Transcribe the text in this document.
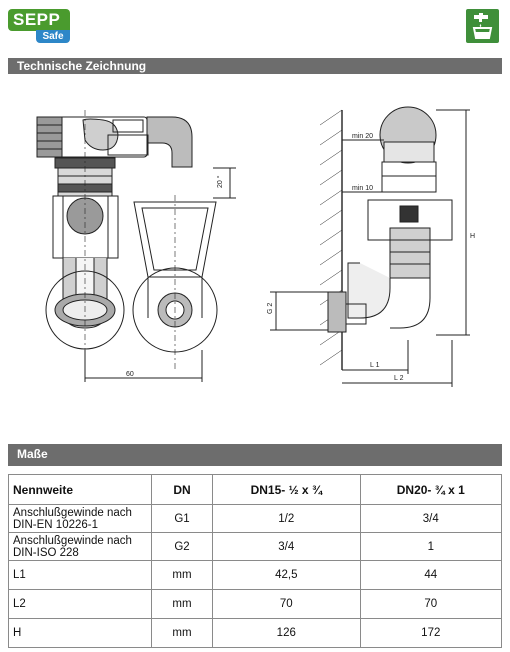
SEPP
Safe
Technische Zeichnung
20 °
60
min 20
min 10
H
G 2
L 1
L 2
Maße
Nennweite	DN	DN15- ½ x ¾	DN20- ¾ x 1
Anschlußgewinde nach
DIN-EN 10226-1	G1	1/2	3/4
Anschlußgewinde nach
DIN-ISO 228	G2	3/4	1
L1	mm	42,5	44
L2	mm	70	70
H	mm	126	172
